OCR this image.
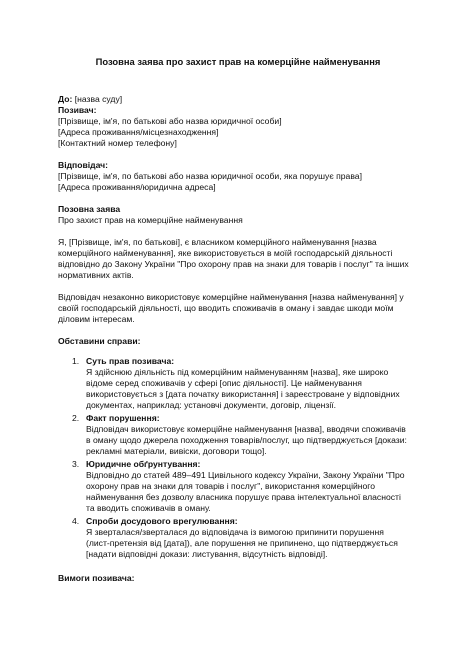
Позовна заява про захист прав на комерційне найменування

До: [назва суду]

Позивач:

[Прізвище, ім'я, по батькові або назва юридичної особи]

[Адреса проживання/місцезнаходження]

[Контактний номер телефону]

Відповідач:

[Прізвище, ім'я, по батькові або назва юридичної особи, яка порушує права]

[Адреса проживання/юридична адреса]

Позовна заява

Про захист прав на комерційне найменування

Я, [Прізвище, ім'я, по батькові], є власником комерційного найменування [назва

комерційного найменування], яке використовується в моїй господарській діяльності

відповідно до Закону України "Про охорону прав на знаки для товарів і послуг" та інших

нормативних актів.

Відповідач незаконно використовує комерційне найменування [назва найменування] у

своїй господарській діяльності, що вводить споживачів в оману і завдає шкоди моїм

діловим інтересам.

Обставини справи:

1. Суть прав позивача:

Я здійснюю діяльність під комерційним найменуванням [назва], яке широко

відоме серед споживачів у сфері [опис діяльності]. Це найменування

використовується з [дата початку використання] і зареєстроване у відповідних

документах, наприклад: установчі документи, договір, ліцензії.

2. Факт порушення:

Відповідач використовує комерційне найменування [назва], вводячи споживачів

в оману щодо джерела походження товарів/послуг, що підтверджується [докази:

рекламні матеріали, вивіски, договори тощо].

3. Юридичне обґрунтування:

Відповідно до статей 489–491 Цивільного кодексу України, Закону України "Про

охорону прав на знаки для товарів і послуг", використання комерційного

найменування без дозволу власника порушує права інтелектуальної власності

та вводить споживачів в оману.

4. Спроби досудового врегулювання:

Я зверталася/зверталася до відповідача із вимогою припинити порушення

(лист-претензія від [дата]), але порушення не припинено, що підтверджується

[надати відповідні докази: листування, відсутність відповіді].

Вимоги позивача:
